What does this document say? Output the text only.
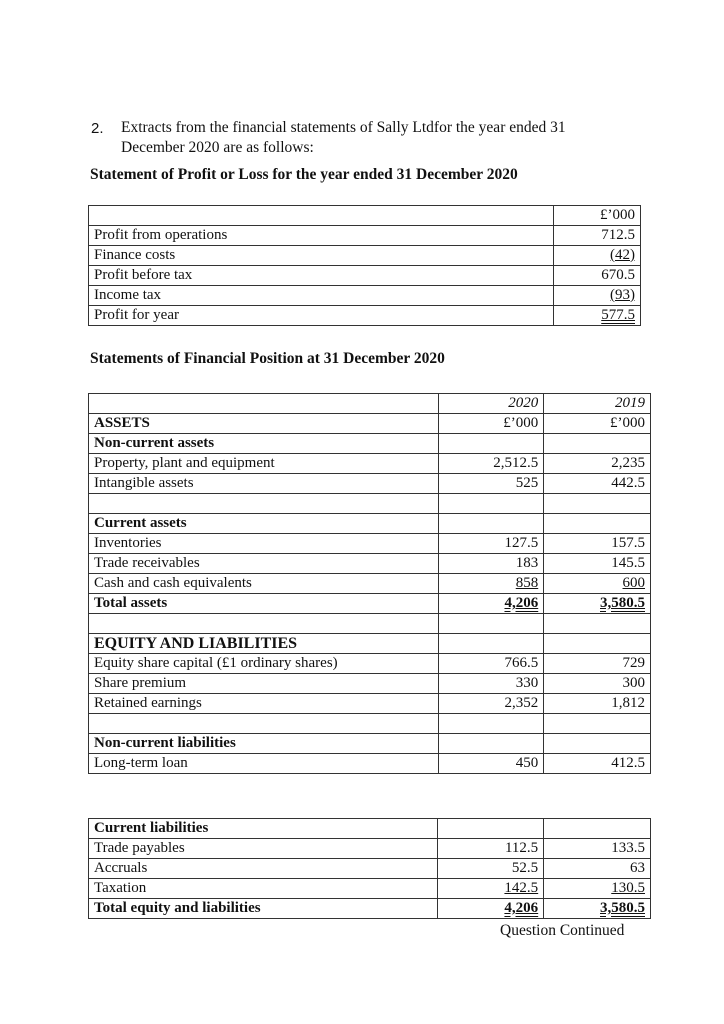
2. Extracts from the financial statements of Sally Ltdfor the year ended 31
December 2020 are as follows:
Statement of Profit or Loss for the year ended 31 December 2020
	£’000
Profit from operations	712.5
Finance costs	(42)
Profit before tax	670.5
Income tax	(93)
Profit for year	577.5
Statements of Financial Position at 31 December 2020
	2020	2019
ASSETS	£’000	£’000
Non-current assets		
Property, plant and equipment	2,512.5	2,235
Intangible assets	525	442.5

Current assets		
Inventories	127.5	157.5
Trade receivables	183	145.5
Cash and cash equivalents	858	600
Total assets	4,206	3,580.5

EQUITY AND LIABILITIES		
Equity share capital (£1 ordinary shares)	766.5	729
Share premium	330	300
Retained earnings	2,352	1,812

Non-current liabilities		
Long-term loan	450	412.5
Current liabilities		
Trade payables	112.5	133.5
Accruals	52.5	63
Taxation	142.5	130.5
Total equity and liabilities	4,206	3,580.5
Question Continued
